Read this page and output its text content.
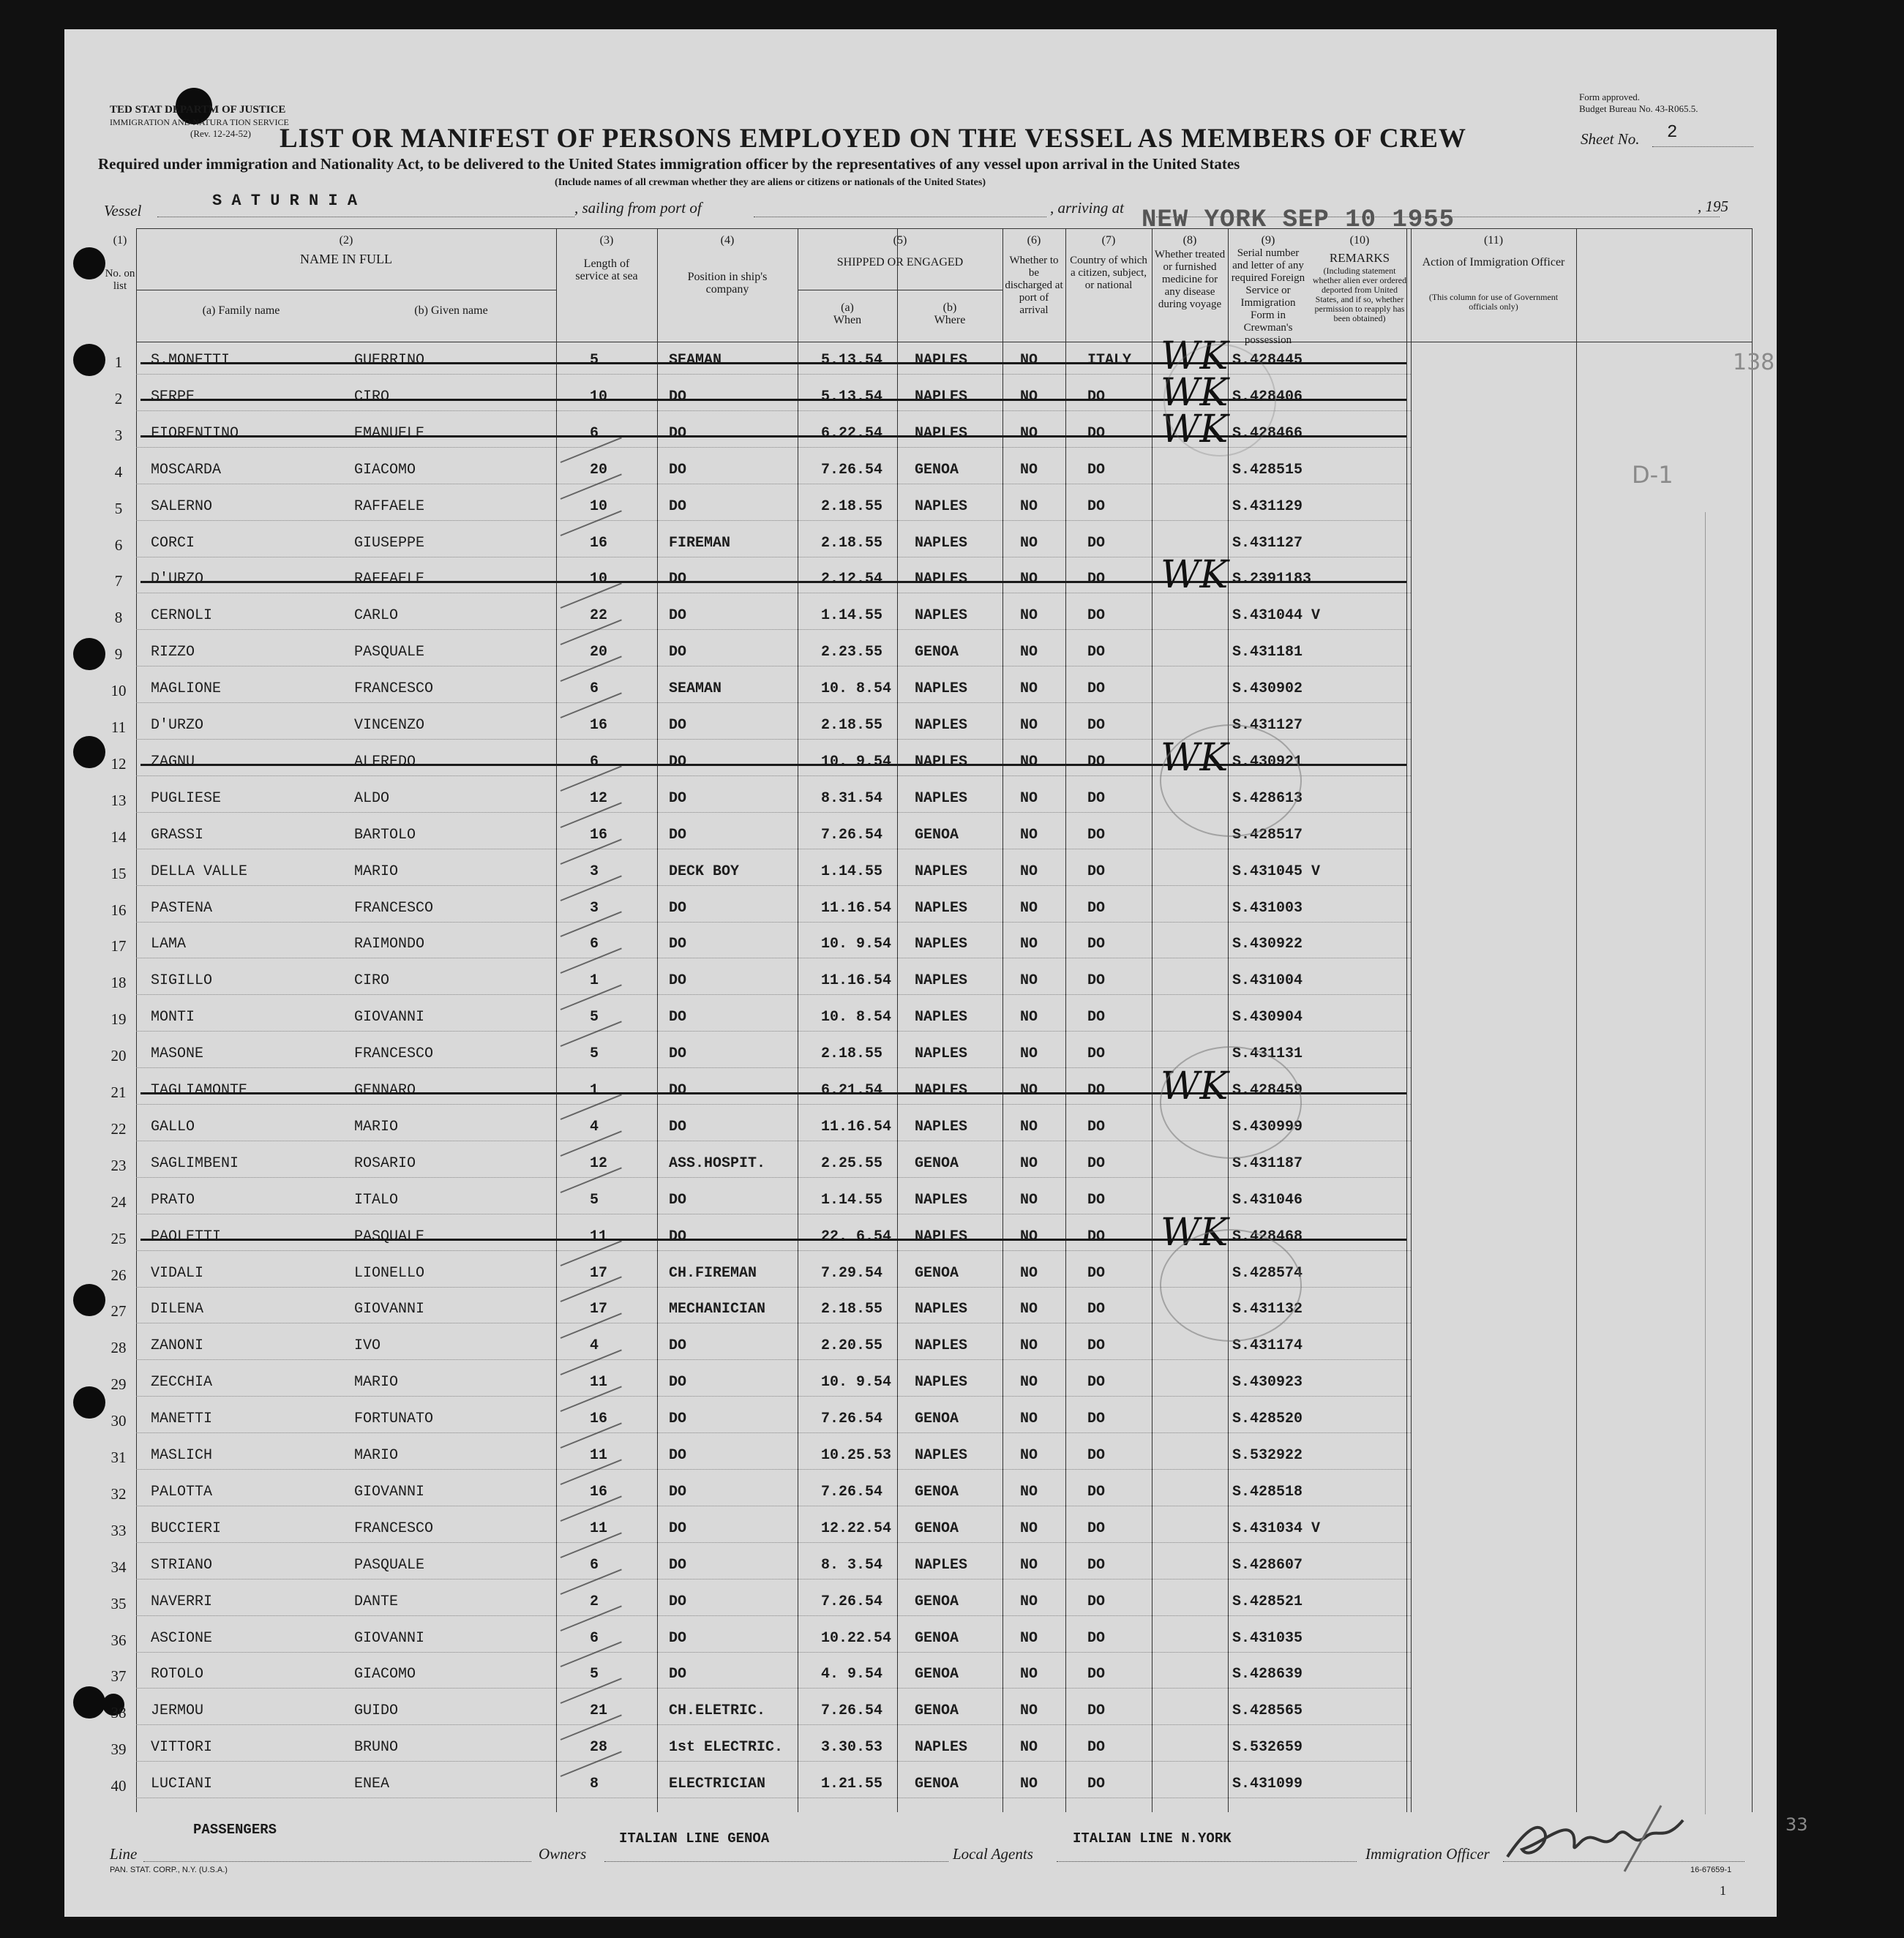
TED STAT DEPARTM OF JUSTICE
IMMIGRATION AND NATURA TION SERVICE
(Rev. 12-24-52)
Form approved.
Budget Bureau No. 43-R065.5.
LIST OR MANIFEST OF PERSONS EMPLOYED ON THE VESSEL AS MEMBERS OF CREW	Sheet No. 2
Required under immigration and Nationality Act, to be delivered to the United States immigration officer by the representatives of any vessel upon arrival in the United States
(Include names of all crewman whether they are aliens or citizens or nationals of the United States)
Vessel
S A T U R N I A	, sailing from port of	, arriving at NEW YORK SEP 10 1955	, 195
(1)
No. on list
(2)
NAME IN FULL
(a) Family name	(b) Given name
(3)
Length of service at sea
(4)
Position in ship's company
(5)
SHIPPED OR ENGAGED
(a) When
(b) Where
(6)
Whether to be discharged at port of arrival
(7)
Country of which a citizen, subject, or national
(8)
Whether treated or furnished medicine for any disease during voyage
(9)
Serial number and letter of any required Foreign Service or Immigration Form in Crewman's possession
(10)
REMARKS
(Including statement whether alien ever ordered deported from United States, and if so, whether permission to reapply has been obtained)
(11)
Action of Immigration Officer
(This column for use of Government officials only)
1	S.MONETTI	GUERRINO	5	SEAMAN	5.13.54 NAPLES	NO	ITALY	S.428445
WK
2	SERPE	CIRO	10	DO	5.13.54 NAPLES	NO	DO	S.428406
WK
3	FIORENTINO	EMANUELE	6	DO	6.22.54 NAPLES	NO	DO	S.428466
WK
4	MOSCARDA	GIACOMO	20	DO	7.26.54 GENOA	NO	DO	S.428515
5	SALERNO	RAFFAELE	10	DO	2.18.55 NAPLES	NO	DO	S.431129
6	CORCI	GIUSEPPE	16	FIREMAN	2.18.55 NAPLES	NO	DO	S.431127
7	D'URZO	RAFFAELE	10	DO	2.12.54 NAPLES	NO	DO	S.2391183
WK
8	CERNOLI	CARLO	22	DO	1.14.55 NAPLES	NO	DO	S.431044 V
9	RIZZO	PASQUALE	20	DO	2.23.55 GENOA	NO	DO	S.431181
10	MAGLIONE	FRANCESCO	6	SEAMAN	10. 8.54 NAPLES	NO	DO	S.430902
11	D'URZO	VINCENZO	16	DO	2.18.55 NAPLES	NO	DO	S.431127
12	ZAGNU	ALFREDO	6	DO	10. 9.54 NAPLES	NO	DO	S.430921
WK
13	PUGLIESE	ALDO	12	DO	8.31.54 NAPLES	NO	DO	S.428613
14	GRASSI	BARTOLO	16	DO	7.26.54 GENOA	NO	DO	S.428517
15	DELLA VALLE	MARIO	3	DECK BOY	1.14.55 NAPLES	NO	DO	S.431045 V
16	PASTENA	FRANCESCO	3	DO	11.16.54 NAPLES	NO	DO	S.431003
17	LAMA	RAIMONDO	6	DO	10. 9.54 NAPLES	NO	DO	S.430922
18	SIGILLO	CIRO	1	DO	11.16.54 NAPLES	NO	DO	S.431004
19	MONTI	GIOVANNI	5	DO	10. 8.54 NAPLES	NO	DO	S.430904
20	MASONE	FRANCESCO	5	DO	2.18.55 NAPLES	NO	DO	S.431131
21	TAGLIAMONTE	GENNARO	1	DO	6.21.54 NAPLES	NO	DO	S.428459
WK
22	GALLO	MARIO	4	DO	11.16.54 NAPLES	NO	DO	S.430999
23	SAGLIMBENI	ROSARIO	12	ASS.HOSPIT.	2.25.55 GENOA	NO	DO	S.431187
24	PRATO	ITALO	5	DO	1.14.55 NAPLES	NO	DO	S.431046
25	PAOLETTI	PASQUALE	11	DO	22. 6.54 NAPLES	NO	DO	S.428468
WK
26	VIDALI	LIONELLO	17	CH.FIREMAN	7.29.54 GENOA	NO	DO	S.428574
27	DILENA	GIOVANNI	17	MECHANICIAN	2.18.55 NAPLES	NO	DO	S.431132
28	ZANONI	IVO	4	DO	2.20.55 NAPLES	NO	DO	S.431174
29	ZECCHIA	MARIO	11	DO	10. 9.54 NAPLES	NO	DO	S.430923
30	MANETTI	FORTUNATO	16	DO	7.26.54 GENOA	NO	DO	S.428520
31	MASLICH	MARIO	11	DO	10.25.53 NAPLES	NO	DO	S.532922
32	PALOTTA	GIOVANNI	16	DO	7.26.54 GENOA	NO	DO	S.428518
33	BUCCIERI	FRANCESCO	11	DO	12.22.54 GENOA	NO	DO	S.431034 V
34	STRIANO	PASQUALE	6	DO	8. 3.54 NAPLES	NO	DO	S.428607
35	NAVERRI	DANTE	2	DO	7.26.54 GENOA	NO	DO	S.428521
36	ASCIONE	GIOVANNI	6	DO	10.22.54 GENOA	NO	DO	S.431035
37	ROTOLO	GIACOMO	5	DO	4. 9.54 GENOA	NO	DO	S.428639
38	JERMOU	GUIDO	21	CH.ELETRIC.	7.26.54 GENOA	NO	DO	S.428565
39	VITTORI	BRUNO	28	1st ELECTRIC.	3.30.53 NAPLES	NO	DO	S.532659
40	LUCIANI	ENEA	8	ELECTRICIAN	1.21.55 GENOA	NO	DO	S.431099
138
D-1
33
PASSENGERS
Line	Owners
ITALIAN LINE GENOA
Local Agents
ITALIAN LINE N.YORK
Immigration Officer
PAN. STAT. CORP., N.Y. (U.S.A.)	16-67659-1
1
